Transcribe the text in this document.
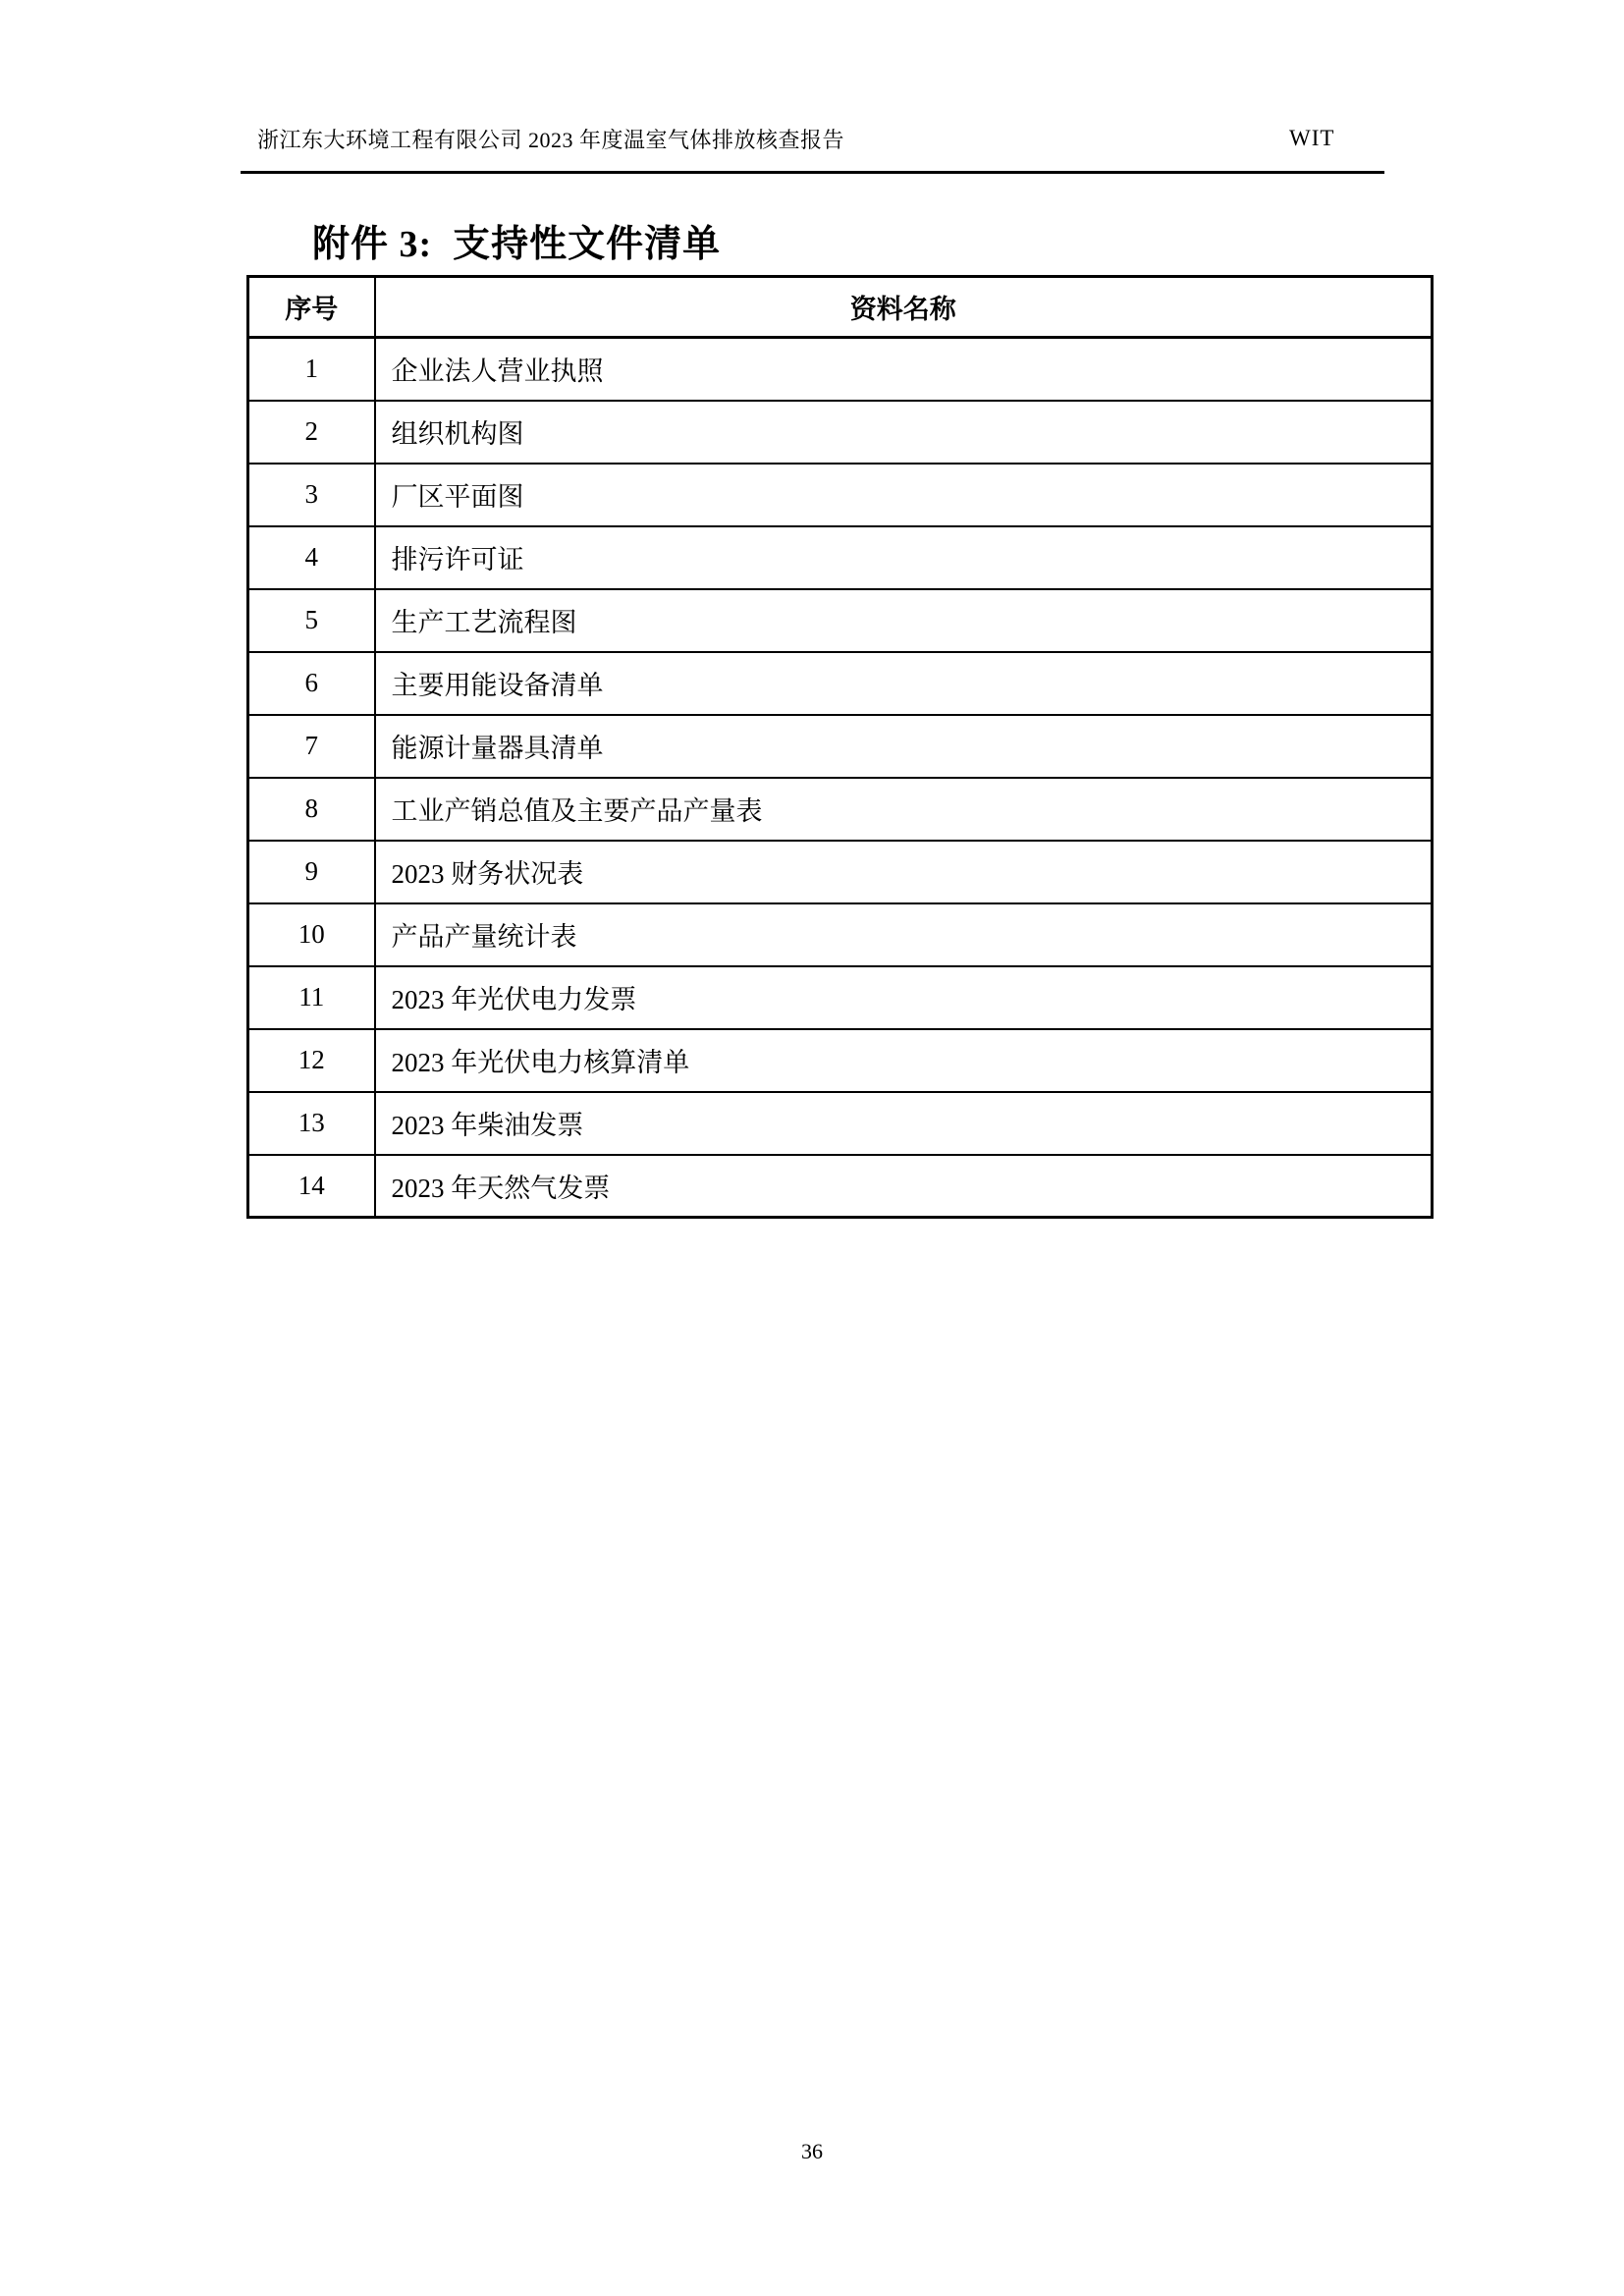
浙江东大环境工程有限公司 2023 年度温室气体排放核查报告	WIT
附件 3:  支持性文件清单
序号	资料名称
1	企业法人营业执照
2	组织机构图
3	厂区平面图
4	排污许可证
5	生产工艺流程图
6	主要用能设备清单
7	能源计量器具清单
8	工业产销总值及主要产品产量表
9	2023 财务状况表
10	产品产量统计表
11	2023 年光伏电力发票
12	2023 年光伏电力核算清单
13	2023 年柴油发票
14	2023 年天然气发票
36
